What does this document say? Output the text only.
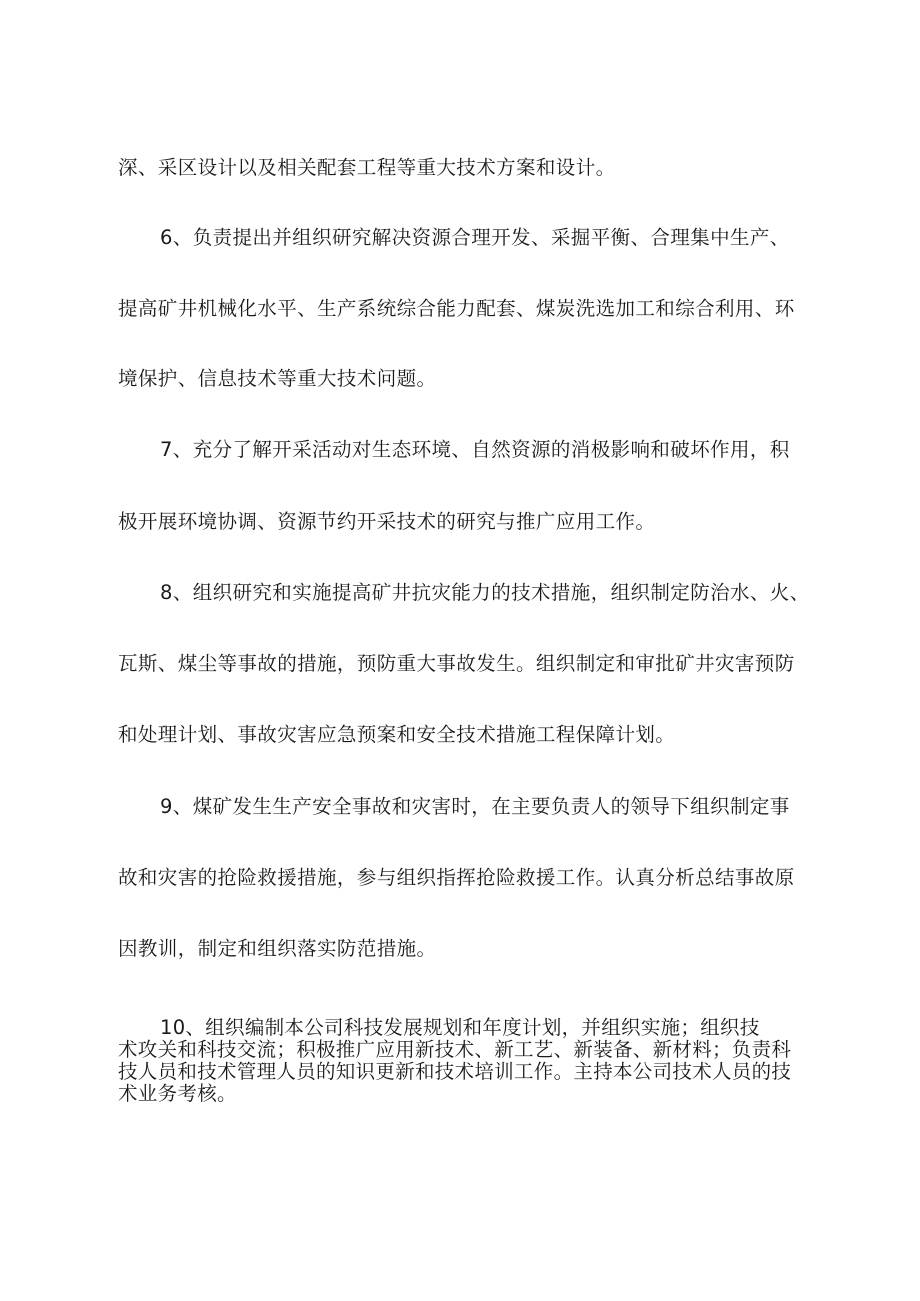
深、采区设计以及相关配套工程等重大技术方案和设计。
6、负责提出并组织研究解决资源合理开发、采掘平衡、合理集中生产、
提高矿井机械化水平、生产系统综合能力配套、煤炭洗选加工和综合利用、环
境保护、信息技术等重大技术问题。
7、充分了解开采活动对生态环境、自然资源的消极影响和破坏作用，积
极开展环境协调、资源节约开采技术的研究与推广应用工作。
8、组织研究和实施提高矿井抗灾能力的技术措施，组织制定防治水、火、
瓦斯、煤尘等事故的措施，预防重大事故发生。组织制定和审批矿井灾害预防
和处理计划、事故灾害应急预案和安全技术措施工程保障计划。
9、煤矿发生生产安全事故和灾害时，在主要负责人的领导下组织制定事
故和灾害的抢险救援措施，参与组织指挥抢险救援工作。认真分析总结事故原
因教训，制定和组织落实防范措施。
10、组织编制本公司科技发展规划和年度计划，并组织实施；组织技
术攻关和科技交流；积极推广应用新技术、新工艺、新装备、新材料；负责科
技人员和技术管理人员的知识更新和技术培训工作。主持本公司技术人员的技
术业务考核。
